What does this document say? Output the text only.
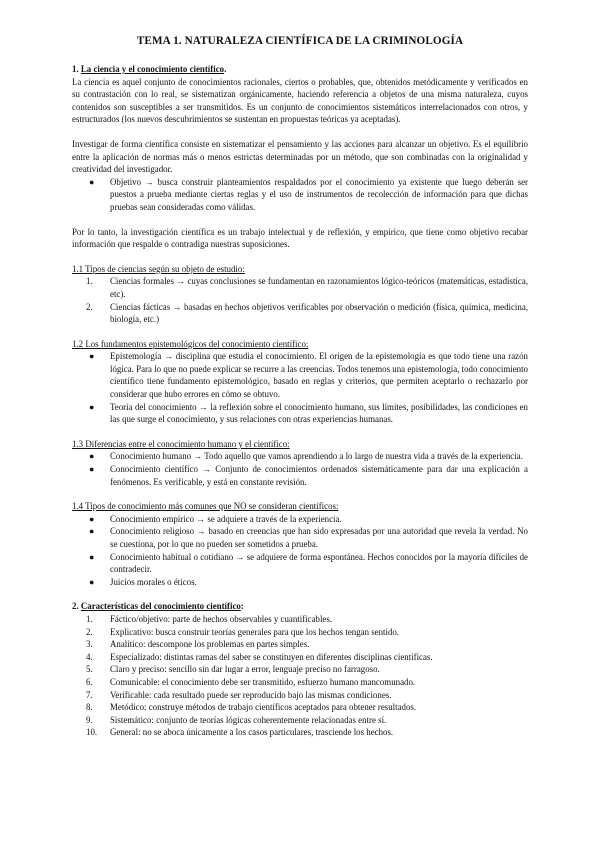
TEMA 1. NATURALEZA CIENTÍFICA DE LA CRIMINOLOGÍA

1. La ciencia y el conocimiento científico.

La ciencia es aquel conjunto de conocimientos racionales, ciertos o probables, que, obtenidos metódicamente y verificados en su contrastación con lo real, se sistematizan orgánicamente, haciendo referencia a objetos de una misma naturaleza, cuyos contenidos son susceptibles a ser transmitidos. Es un conjunto de conocimientos sistemáticos interrelacionados con otros, y estructurados (los nuevos descubrimientos se sustentan en propuestas teóricas ya aceptadas).

Investigar de forma científica consiste en sistematizar el pensamiento y las acciones para alcanzar un objetivo. Es el equilibrio entre la aplicación de normas más o menos estrictas determinadas por un método, que son combinadas con la originalidad y creatividad del investigador.

● Objetivo → busca construir planteamientos respaldados por el conocimiento ya existente que luego deberán ser puestos a prueba mediante ciertas reglas y el uso de instrumentos de recolección de información para que dichas pruebas sean consideradas como válidas.

Por lo tanto, la investigación científica es un trabajo intelectual y de reflexión, y empírico, que tiene como objetivo recabar información que respalde o contradiga nuestras suposiciones.

1.1 Tipos de ciencias según su objeto de estudio:

1. Ciencias formales → cuyas conclusiones se fundamentan en razonamientos lógico-teóricos (matemáticas, estadística, etc).
2. Ciencias fácticas → basadas en hechos objetivos verificables por observación o medición (física, química, medicina, biología, etc.)

1.2 Los fundamentos epistemológicos del conocimiento científico:

● Epistemología → disciplina que estudia el conocimiento. El origen de la epistemología es que todo tiene una razón lógica. Para lo que no puede explicar se recurre a las creencias. Todos tenemos una epistemología, todo conocimiento científico tiene fundamento epistemológico, basado en reglas y criterios, que permiten aceptarlo o rechazarlo por considerar que hubo errores en cómo se obtuvo.
● Teoría del conocimiento → la reflexión sobre el conocimiento humano, sus límites, posibilidades, las condiciones en las que surge el conocimiento, y sus relaciones con otras experiencias humanas.

1.3 Diferencias entre el conocimiento humano y el científico:

● Conocimiento humano → Todo aquello que vamos aprendiendo a lo largo de nuestra vida a través de la experiencia.
● Conocimiento científico → Conjunto de conocimientos ordenados sistemáticamente para dar una explicación a fenómenos. Es verificable, y está en constante revisión.

1.4 Tipos de conocimiento más comunes que NO se consideran científicos:

● Conocimiento empírico → se adquiere a través de la experiencia.
● Conocimiento religioso → basado en creencias que han sido expresadas por una autoridad que revela la verdad. No se cuestiona, por lo que no pueden ser sometidos a prueba.
● Conocimiento habitual o cotidiano → se adquiere de forma espontánea. Hechos conocidos por la mayoría difíciles de contradecir.
● Juicios morales o éticos.

2. Características del conocimiento científico:

1. Fáctico/objetivo: parte de hechos observables y cuantificables.
2. Explicativo: busca construir teorías generales para que los hechos tengan sentido.
3. Analítico: descompone los problemas en partes simples.
4. Especializado: distintas ramas del saber se constituyen en diferentes disciplinas científicas.
5. Claro y preciso: sencillo sin dar lugar a error, lenguaje preciso no farragoso.
6. Comunicable: el conocimiento debe ser transmitido, esfuerzo humano mancomunado.
7. Verificable: cada resultado puede ser reproducido bajo las mismas condiciones.
8. Metódico: construye métodos de trabajo científicos aceptados para obtener resultados.
9. Sistemático: conjunto de teorías lógicas coherentemente relacionadas entre sí.
10. General: no se aboca únicamente a los casos particulares, trasciende los hechos.
